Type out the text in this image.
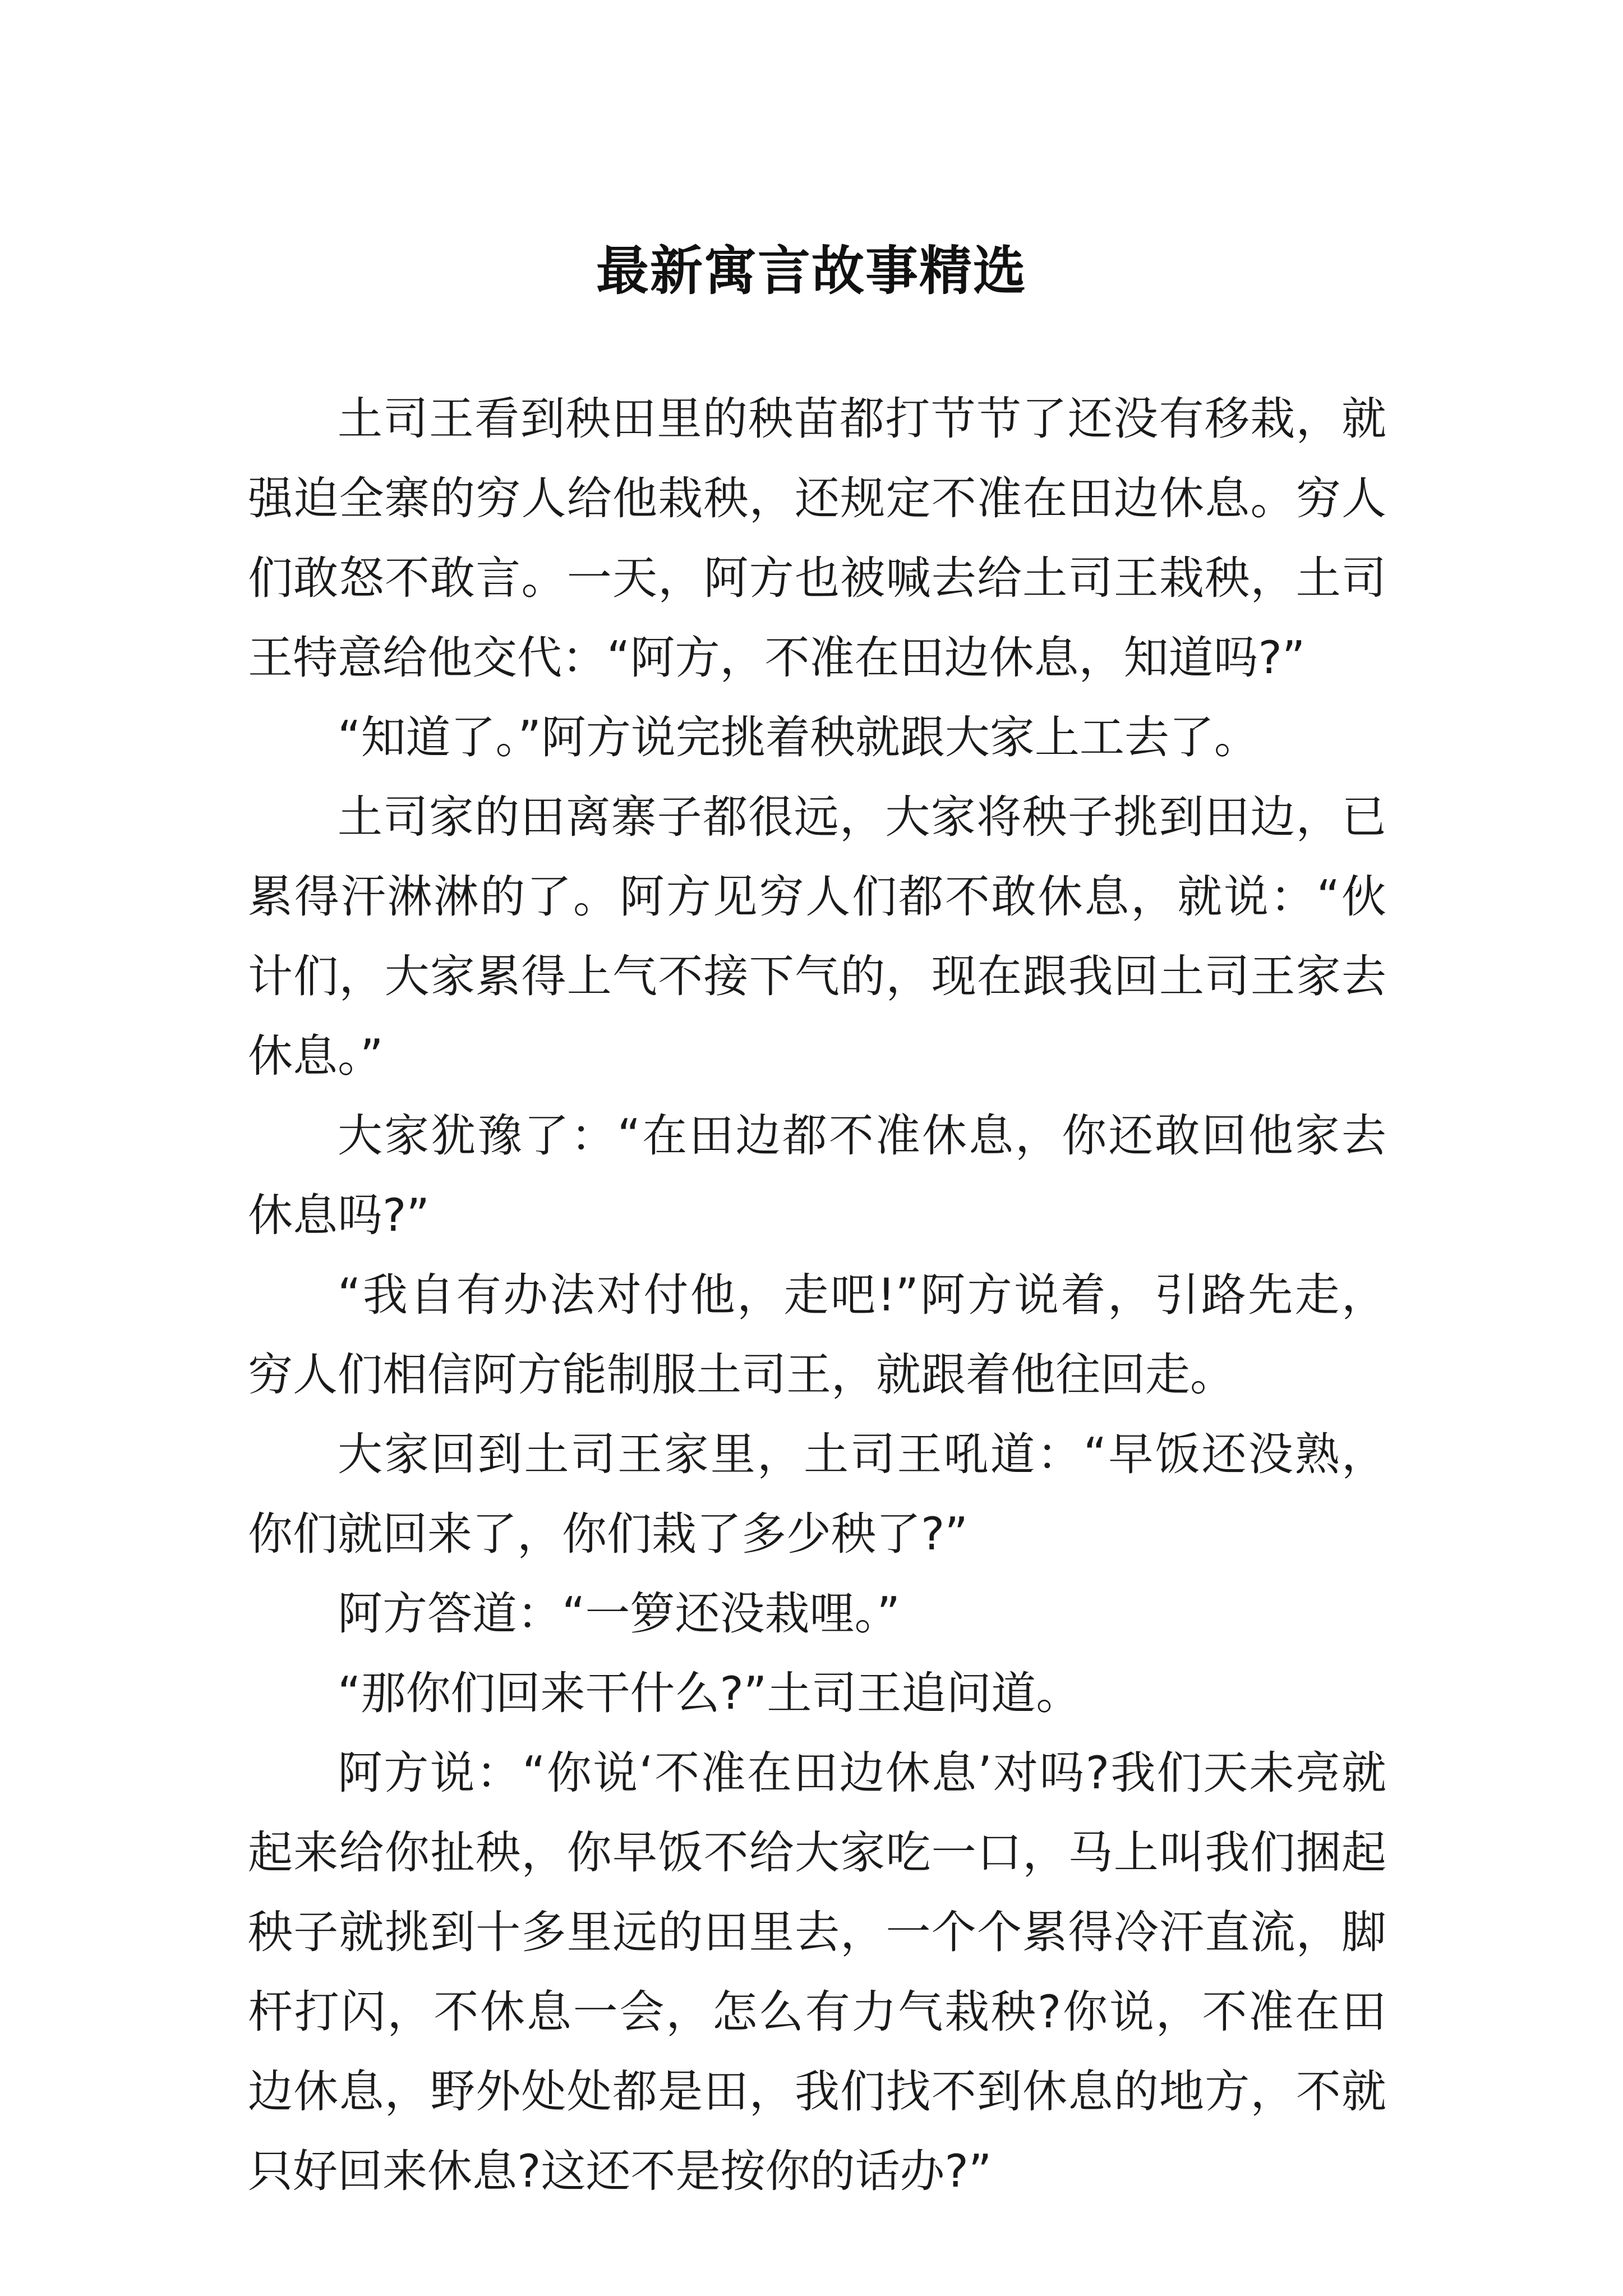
最新寓言故事精选

土司王看到秧田里的秧苗都打节节了还没有移栽，就强迫全寨的穷人给他栽秧，还规定不准在田边休息。穷人们敢怒不敢言。一天，阿方也被喊去给土司王栽秧，土司王特意给他交代：“阿方，不准在田边休息，知道吗?”

“知道了。”阿方说完挑着秧就跟大家上工去了。

土司家的田离寨子都很远，大家将秧子挑到田边，已累得汗淋淋的了。阿方见穷人们都不敢休息，就说：“伙计们，大家累得上气不接下气的，现在跟我回土司王家去休息。”

大家犹豫了：“在田边都不准休息，你还敢回他家去休息吗?”

“我自有办法对付他，走吧!”阿方说着，引路先走，穷人们相信阿方能制服土司王，就跟着他往回走。

大家回到土司王家里，土司王吼道：“早饭还没熟，你们就回来了，你们栽了多少秧了?”

阿方答道：“一箩还没栽哩。”

“那你们回来干什么?”土司王追问道。

阿方说：“你说‘不准在田边休息’对吗?我们天未亮就起来给你扯秧，你早饭不给大家吃一口，马上叫我们捆起秧子就挑到十多里远的田里去，一个个累得冷汗直流，脚杆打闪，不休息一会，怎么有力气栽秧?你说，不准在田边休息，野外处处都是田，我们找不到休息的地方，不就只好回来休息?这还不是按你的话办?”
